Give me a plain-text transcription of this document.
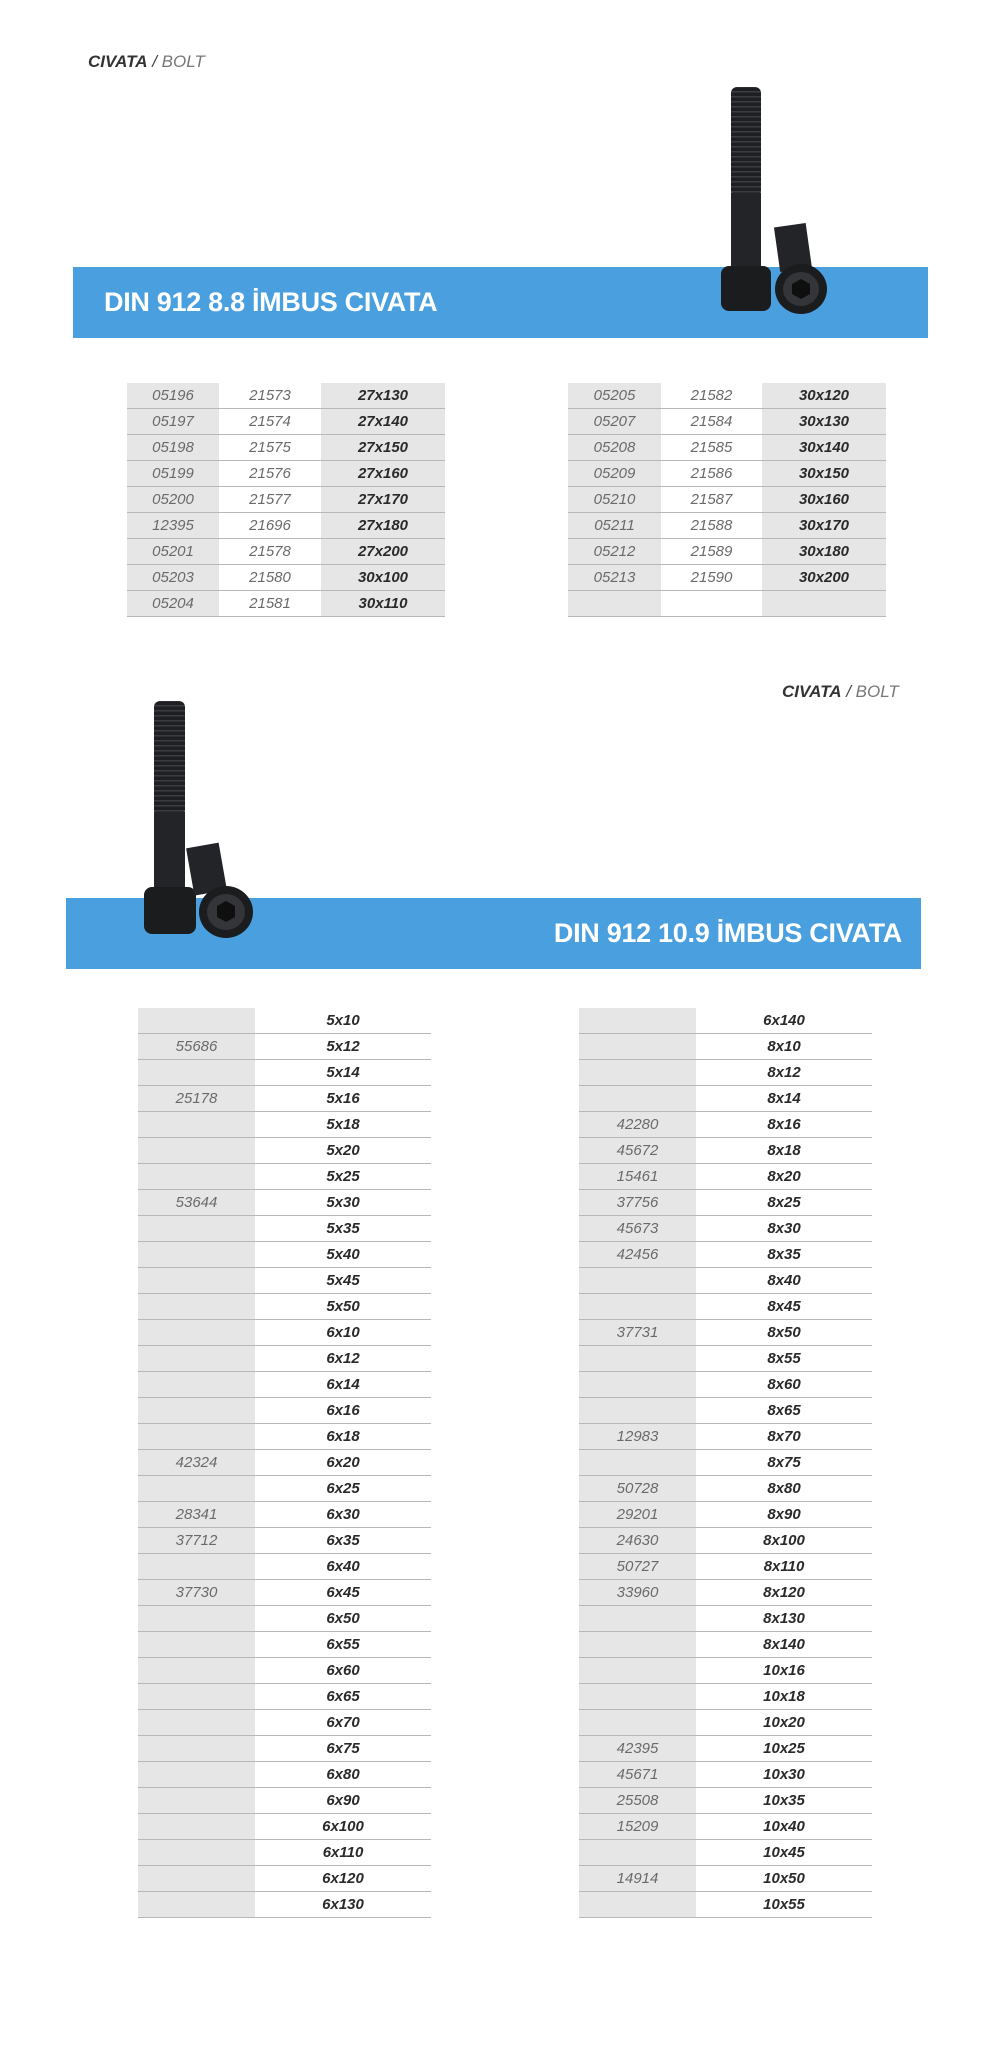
CIVATA / BOLT
DIN 912 8.8 İMBUS CIVATA
05196	21573	27x130
05197	21574	27x140
05198	21575	27x150
05199	21576	27x160
05200	21577	27x170
12395	21696	27x180
05201	21578	27x200
05203	21580	30x100
05204	21581	30x110
05205	21582	30x120
05207	21584	30x130
05208	21585	30x140
05209	21586	30x150
05210	21587	30x160
05211	21588	30x170
05212	21589	30x180
05213	21590	30x200

CIVATA / BOLT
DIN 912 10.9 İMBUS CIVATA
	5x10
55686	5x12
	5x14
25178	5x16
	5x18
	5x20
	5x25
53644	5x30
	5x35
	5x40
	5x45
	5x50
	6x10
	6x12
	6x14
	6x16
	6x18
42324	6x20
	6x25
28341	6x30
37712	6x35
	6x40
37730	6x45
	6x50
	6x55
	6x60
	6x65
	6x70
	6x75
	6x80
	6x90
	6x100
	6x110
	6x120
	6x130
	6x140
	8x10
	8x12
	8x14
42280	8x16
45672	8x18
15461	8x20
37756	8x25
45673	8x30
42456	8x35
	8x40
	8x45
37731	8x50
	8x55
	8x60
	8x65
12983	8x70
	8x75
50728	8x80
29201	8x90
24630	8x100
50727	8x110
33960	8x120
	8x130
	8x140
	10x16
	10x18
	10x20
42395	10x25
45671	10x30
25508	10x35
15209	10x40
	10x45
14914	10x50
	10x55
